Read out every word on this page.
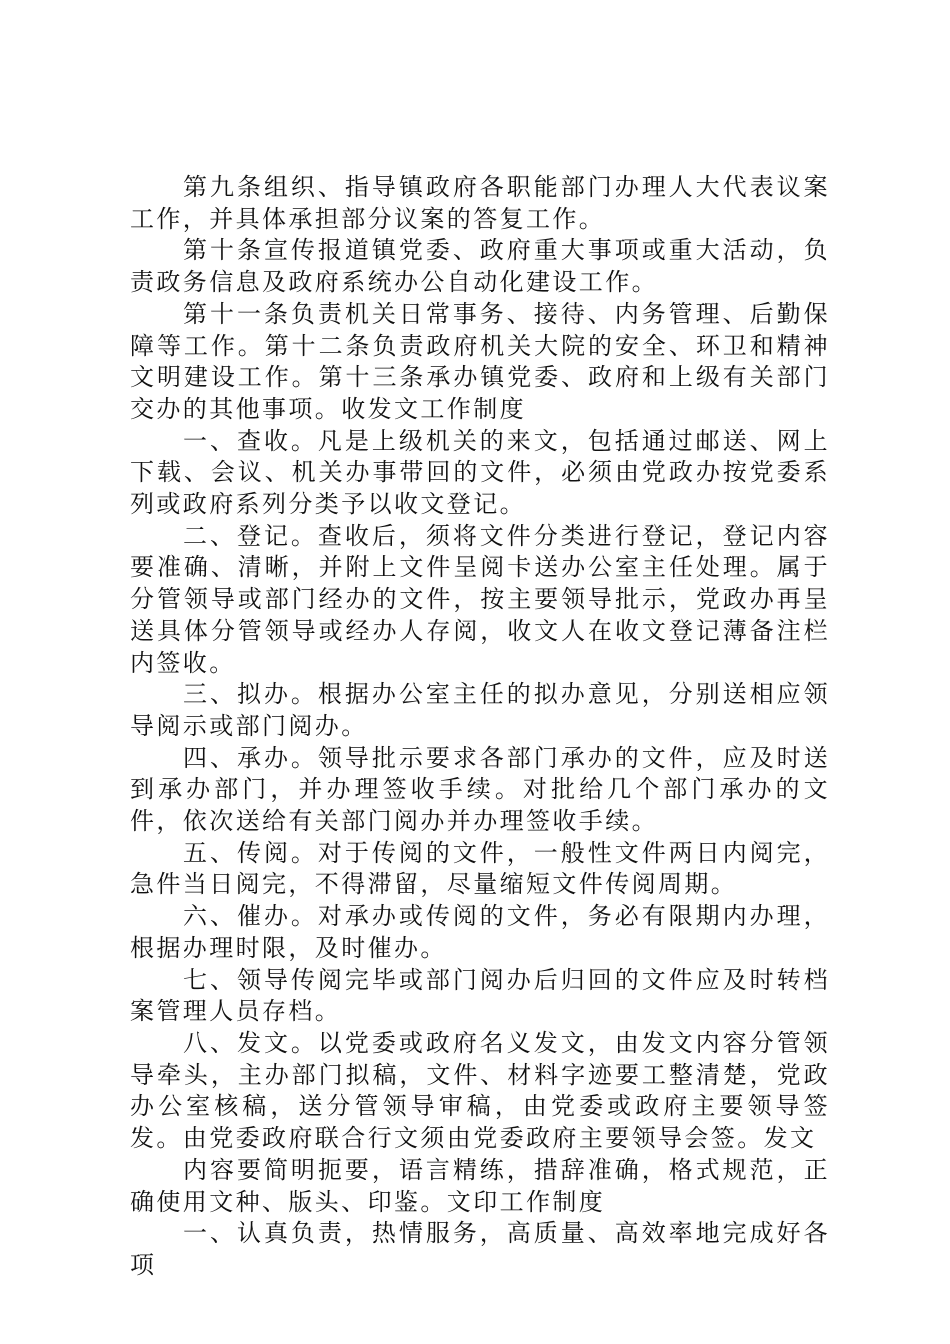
第九条组织、指导镇政府各职能部门办理人大代表议案工作，并具体承担部分议案的答复工作。

第十条宣传报道镇党委、政府重大事项或重大活动，负责政务信息及政府系统办公自动化建设工作。

第十一条负责机关日常事务、接待、内务管理、后勤保障等工作。第十二条负责政府机关大院的安全、环卫和精神文明建设工作。第十三条承办镇党委、政府和上级有关部门交办的其他事项。收发文工作制度

一、查收。凡是上级机关的来文，包括通过邮送、网上下载、会议、机关办事带回的文件，必须由党政办按党委系列或政府系列分类予以收文登记。

二、登记。查收后，须将文件分类进行登记，登记内容要准确、清晰，并附上文件呈阅卡送办公室主任处理。属于分管领导或部门经办的文件，按主要领导批示，党政办再呈送具体分管领导或经办人存阅，收文人在收文登记薄备注栏内签收。

三、拟办。根据办公室主任的拟办意见，分别送相应领导阅示或部门阅办。

四、承办。领导批示要求各部门承办的文件，应及时送到承办部门，并办理签收手续。对批给几个部门承办的文件，依次送给有关部门阅办并办理签收手续。

五、传阅。对于传阅的文件，一般性文件两日内阅完，急件当日阅完，不得滞留，尽量缩短文件传阅周期。

六、催办。对承办或传阅的文件，务必有限期内办理，根据办理时限，及时催办。

七、领导传阅完毕或部门阅办后归回的文件应及时转档案管理人员存档。

八、发文。以党委或政府名义发文，由发文内容分管领导牵头，主办部门拟稿，文件、材料字迹要工整清楚，党政办公室核稿，送分管领导审稿，由党委或政府主要领导签发。由党委政府联合行文须由党委政府主要领导会签。发文

内容要简明扼要，语言精练，措辞准确，格式规范，正确使用文种、版头、印鉴。文印工作制度

一、认真负责，热情服务，高质量、高效率地完成好各项
